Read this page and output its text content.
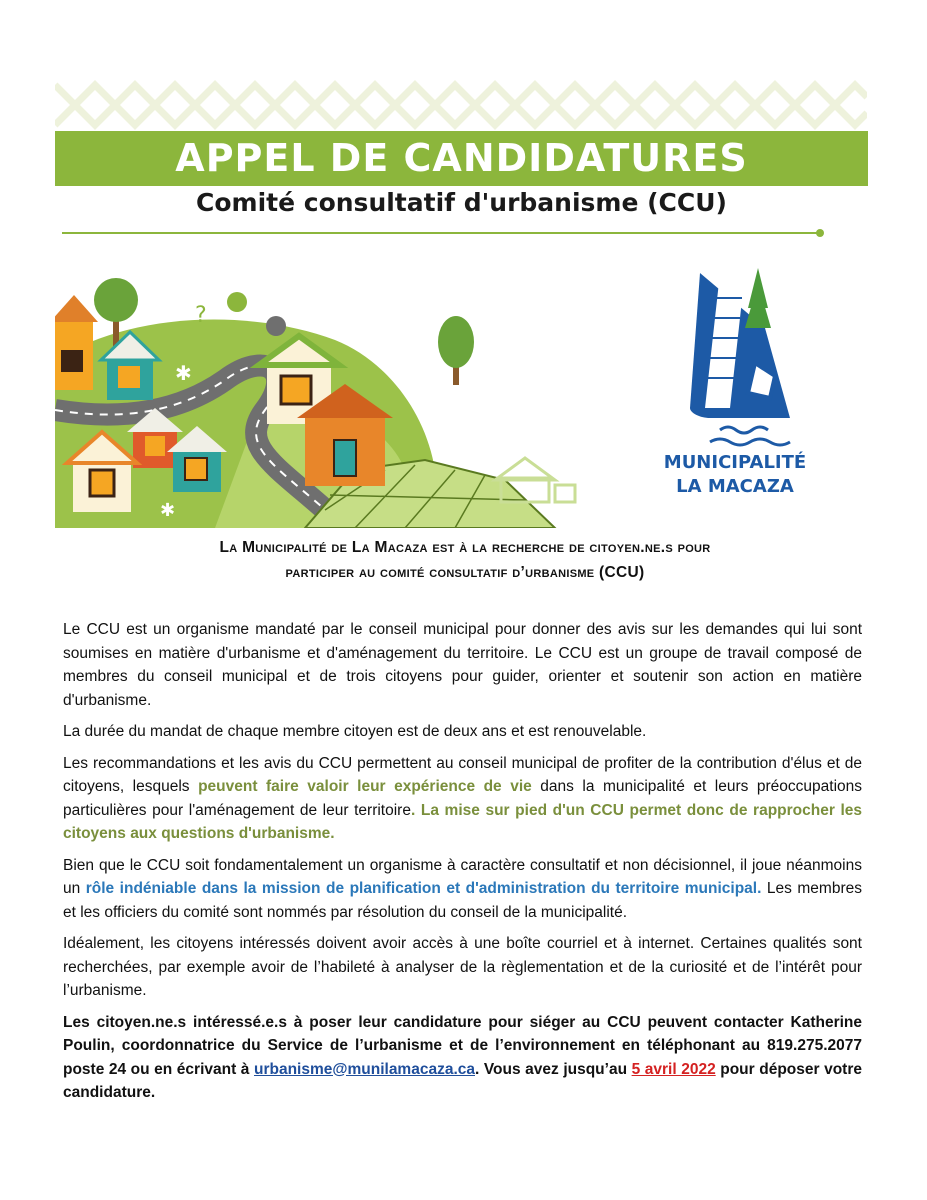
APPEL DE CANDIDATURES
Comité consultatif d'urbanisme (CCU)
?
✱
✱
MUNICIPALITÉ
LA MACAZA
La Municipalité de La Macaza est à la recherche de citoyen.ne.s pour
participer au comité consultatif d’urbanisme (CCU)

Le CCU est un organisme mandaté par le conseil municipal pour donner des avis sur les demandes qui lui sont soumises en matière d'urbanisme et d'aménagement du territoire. Le CCU est un groupe de travail composé de membres du conseil municipal et de trois citoyens pour guider, orienter et soutenir son action en matière d'urbanisme.

La durée du mandat de chaque membre citoyen est de deux ans et est renouvelable.

Les recommandations et les avis du CCU permettent au conseil municipal de profiter de la contribution d'élus et de citoyens, lesquels peuvent faire valoir leur expérience de vie dans la municipalité et leurs préoccupations particulières pour l'aménagement de leur territoire. La mise sur pied d'un CCU permet donc de rapprocher les citoyens aux questions d'urbanisme.

Bien que le CCU soit fondamentalement un organisme à caractère consultatif et non décisionnel, il joue néanmoins un rôle indéniable dans la mission de planification et d'administration du territoire municipal. Les membres et les officiers du comité sont nommés par résolution du conseil de la municipalité.

Idéalement, les citoyens intéressés doivent avoir accès à une boîte courriel et à internet. Certaines qualités sont recherchées, par exemple avoir de l’habileté à analyser de la règlementation et de la curiosité et de l’intérêt pour l’urbanisme.

Les citoyen.ne.s intéressé.e.s à poser leur candidature pour siéger au CCU peuvent contacter Katherine Poulin, coordonnatrice du Service de l’urbanisme et de l’environnement en téléphonant au 819.275.2077 poste 24 ou en écrivant à urbanisme@munilamacaza.ca. Vous avez jusqu’au 5 avril 2022 pour déposer votre candidature.
